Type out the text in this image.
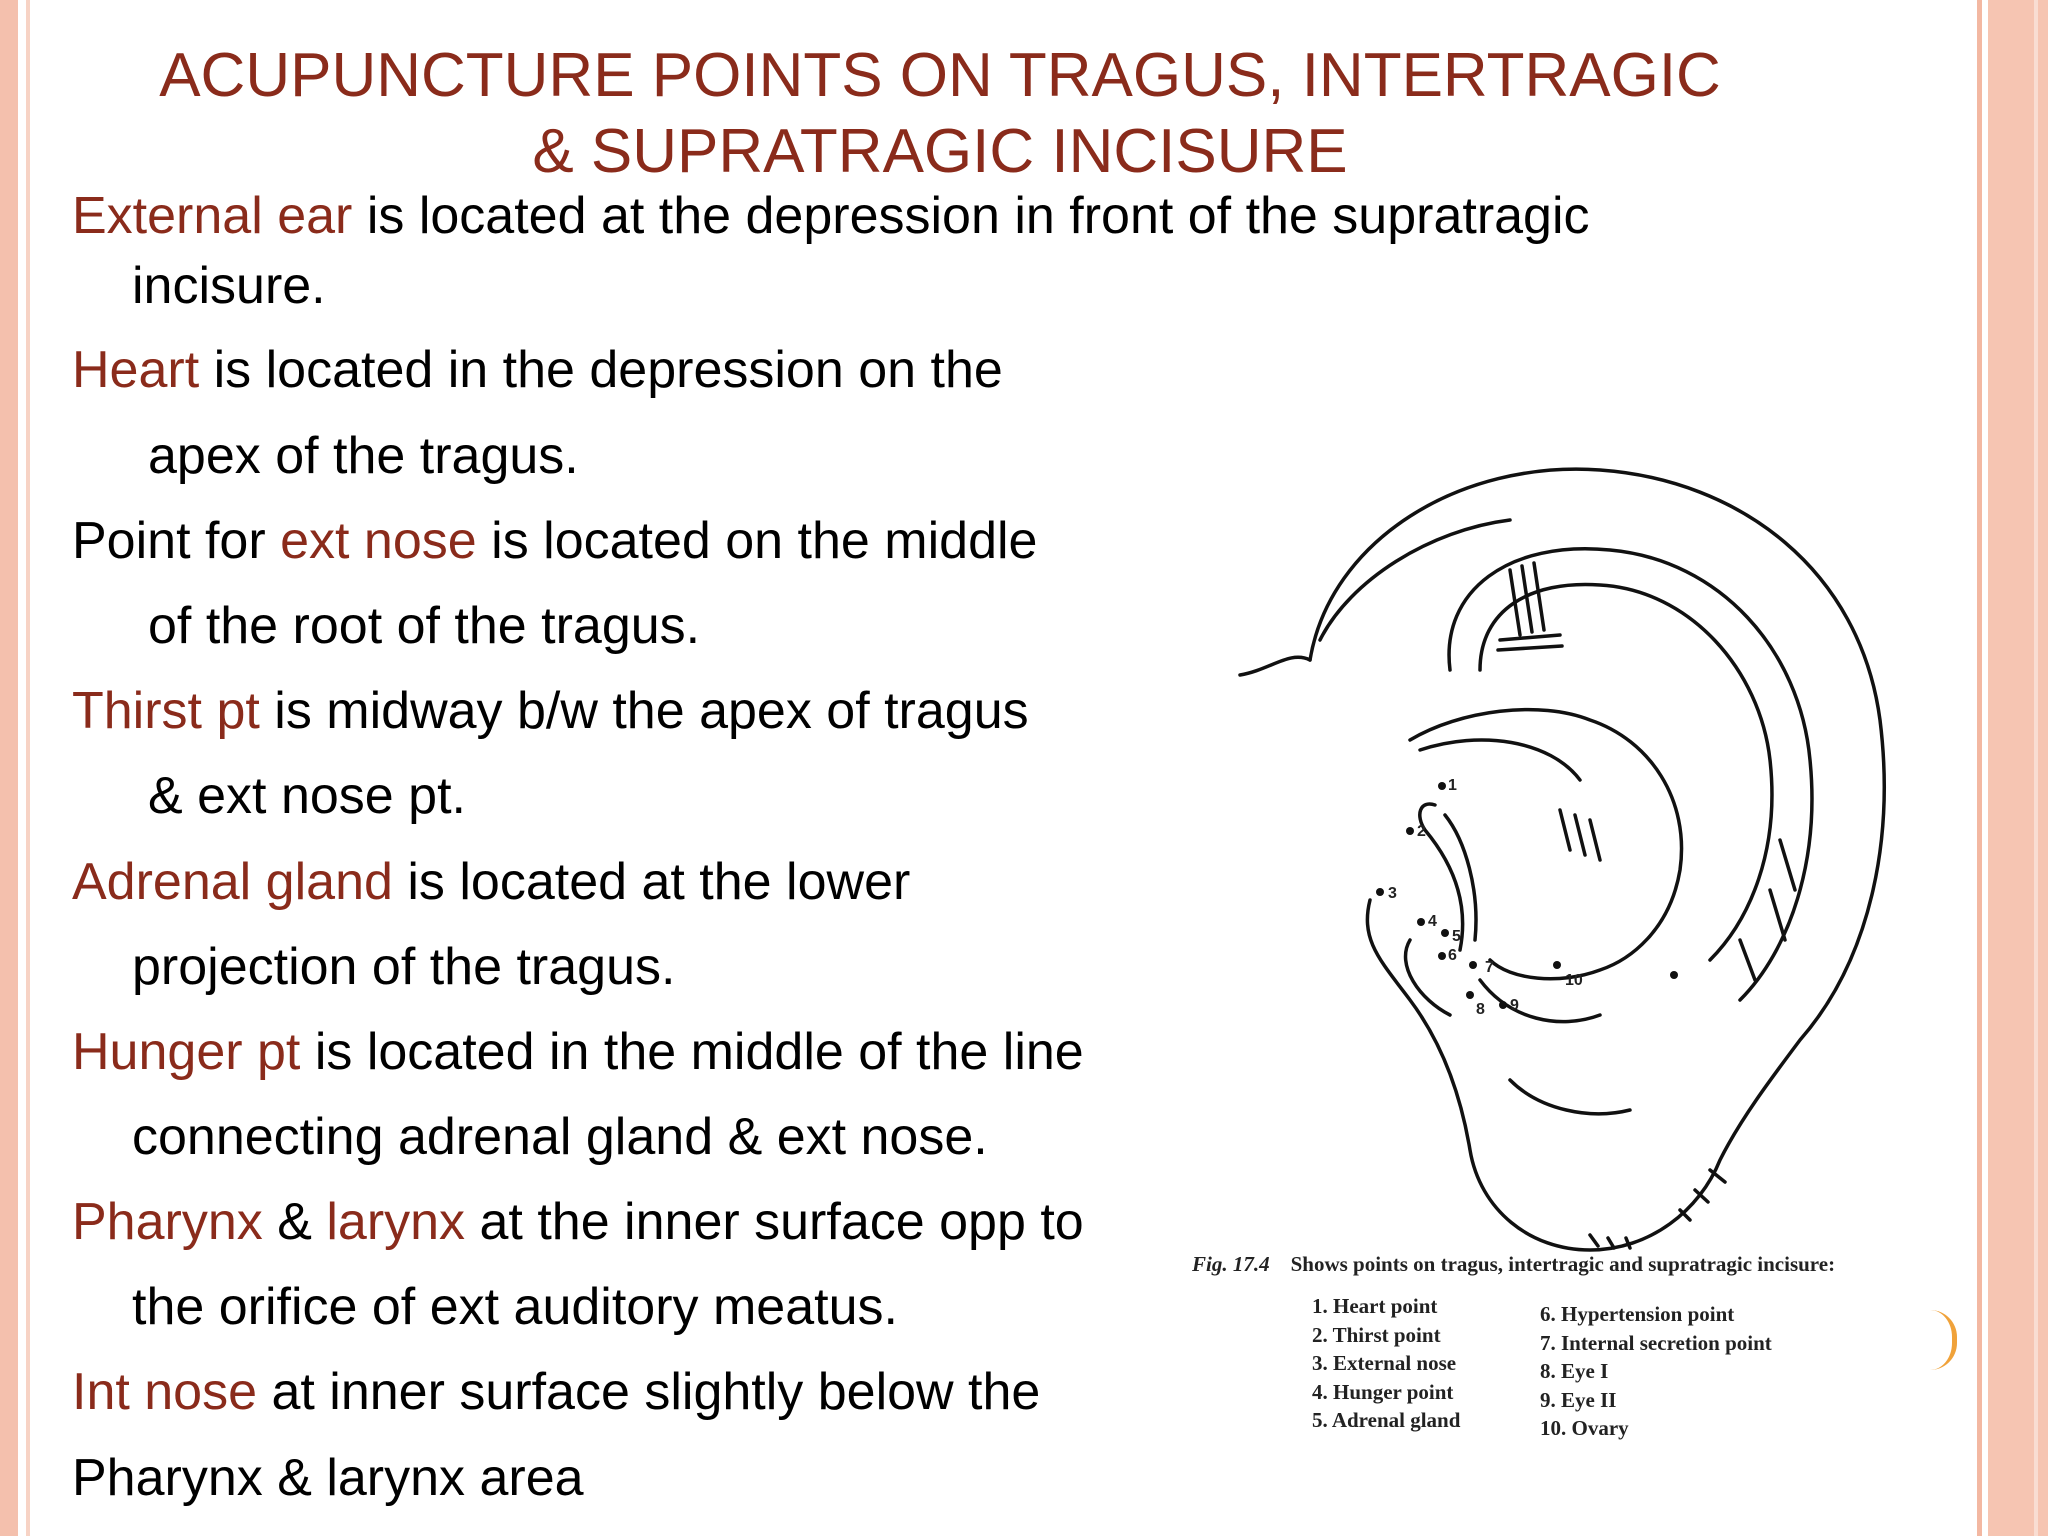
ACUPUNCTURE POINTS ON TRAGUS, INTERTRAGIC
& SUPRATRAGIC INCISURE
External ear is located at the depression in front of the supratragic
incisure.
Heart is located in the depression on the
apex of the tragus.
Point for ext nose is located on the middle
of the root of the tragus.
Thirst pt is midway b/w the apex of tragus
& ext nose pt.
Adrenal gland is located at the lower
projection of the tragus.
Hunger pt is located in the middle of the line
connecting adrenal gland & ext nose.
Pharynx & larynx at the inner surface opp to
the orifice of ext auditory meatus.
Int nose at inner surface slightly below the
Pharynx & larynx area
1
2
3
4
5
6
7
8 9
10
Fig. 17.4 Shows points on tragus, intertragic and supratragic incisure:
1. Heart point
2. Thirst point
3. External nose
4. Hunger point
5. Adrenal gland
6. Hypertension point
7. Internal secretion point
8. Eye I
9. Eye II
10. Ovary
